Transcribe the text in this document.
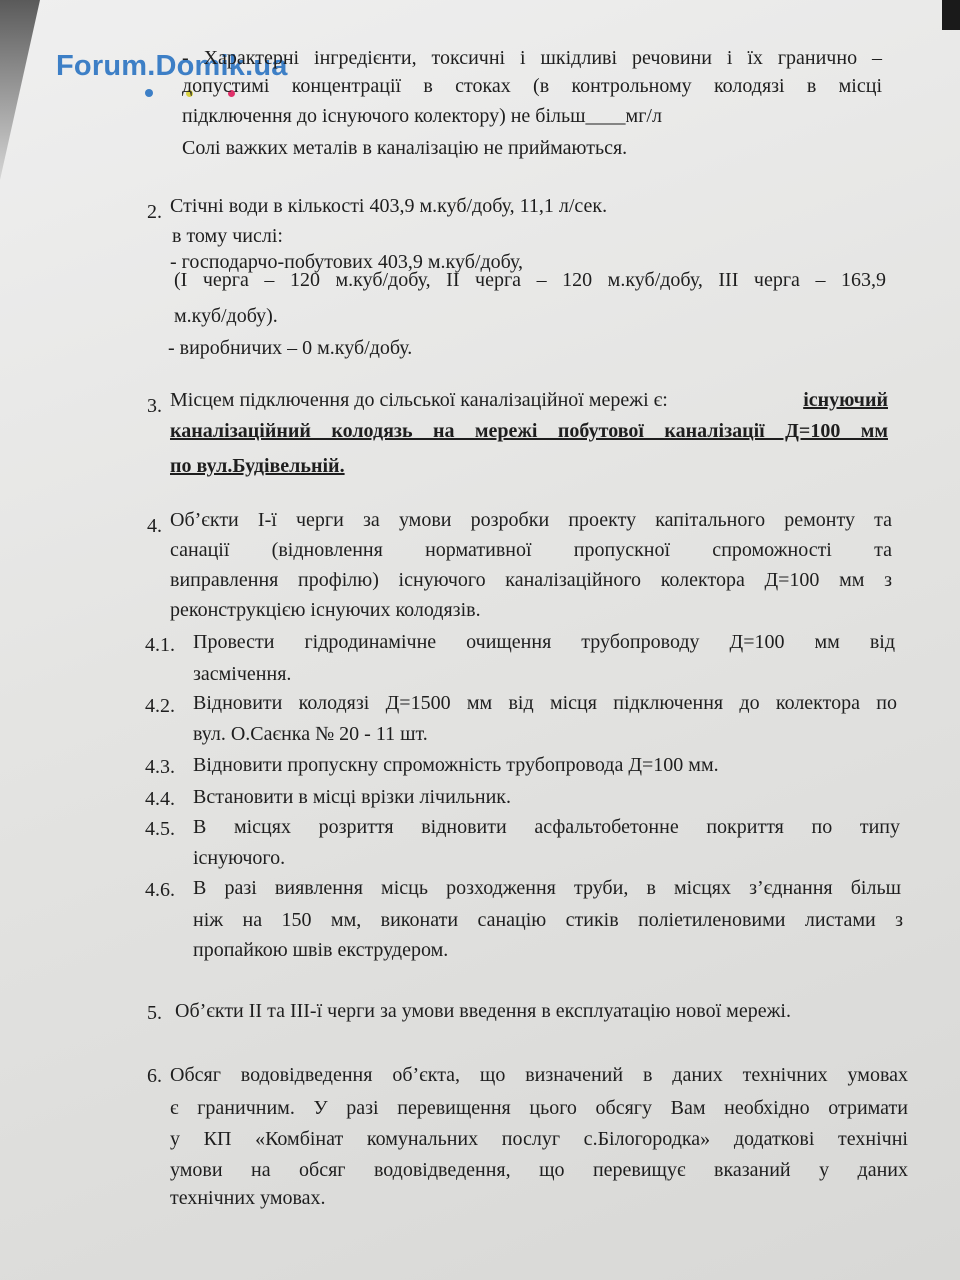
Forum.Domik.ua
- Характерні інгредієнти, токсичні і шкідливі речовини і їх гранично –
допустимі концентрації в стоках (в контрольному колодязі в місці
підключення до існуючого колектору) не більш____мг/л
Солі важких металів в каналізацію не приймаються.
2. Стічні води в кількості 403,9 м.куб/добу, 11,1 л/сек.
в тому числі:
- господарчо-побутових 403,9 м.куб/добу,
(І черга – 120 м.куб/добу, ІІ черга – 120 м.куб/добу, ІІІ черга – 163,9
м.куб/добу).
- виробничих – 0 м.куб/добу.
3. Місцем підключення до сільської каналізаційної мережі є:	існуючий
каналізаційний колодязь на мережі побутової каналізації Д=100 мм
по вул.Будівельній.
4. Об’єкти І-ї черги за умови розробки проекту капітального ремонту та
санації (відновлення нормативної пропускної спроможності та
виправлення профілю) існуючого каналізаційного колектора Д=100 мм з
реконструкцією існуючих колодязів.
4.1. Провести гідродинамічне очищення трубопроводу Д=100 мм від
засмічення.
4.2. Відновити колодязі Д=1500 мм від місця підключення до колектора по
вул. О.Саєнка № 20 - 11 шт.
4.3. Відновити пропускну спроможність трубопровода Д=100 мм.
4.4. Встановити в місці врізки лічильник.
4.5. В місцях розриття відновити асфальтобетонне покриття по типу
існуючого.
4.6. В разі виявлення місць розходження труби, в місцях з’єднання більш
ніж на 150 мм, виконати санацію стиків поліетиленовими листами з
пропайкою швів екструдером.
5. Об’єкти ІІ та ІІІ-ї черги за умови введення в експлуатацію нової мережі.
6. Обсяг водовідведення об’єкта, що визначений в даних технічних умовах
є граничним. У разі перевищення цього обсягу Вам необхідно отримати
у КП «Комбінат комунальних послуг с.Білогородка» додаткові технічні
умови на обсяг водовідведення, що перевищує вказаний у даних
технічних умовах.
